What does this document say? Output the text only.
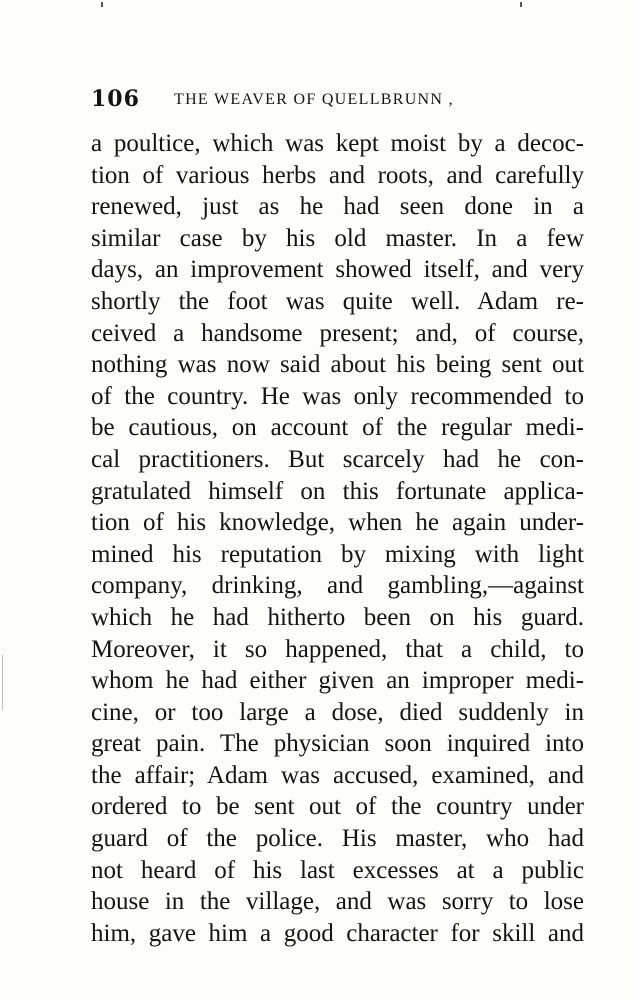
106 THE WEAVER OF QUELLBRUNN ,
a poultice, which was kept moist by a decoc-
tion of various herbs and roots, and carefully
renewed, just as he had seen done in a
similar case by his old master. In a few
days, an improvement showed itself, and very
shortly the foot was quite well. Adam re-
ceived a handsome present; and, of course,
nothing was now said about his being sent out
of the country. He was only recommended to
be cautious, on account of the regular medi-
cal practitioners. But scarcely had he con-
gratulated himself on this fortunate applica-
tion of his knowledge, when he again under-
mined his reputation by mixing with light
company, drinking, and gambling,—against
which he had hitherto been on his guard.
Moreover, it so happened, that a child, to
whom he had either given an improper medi-
cine, or too large a dose, died suddenly in
great pain. The physician soon inquired into
the affair; Adam was accused, examined, and
ordered to be sent out of the country under
guard of the police. His master, who had
not heard of his last excesses at a public
house in the village, and was sorry to lose
him, gave him a good character for skill and
